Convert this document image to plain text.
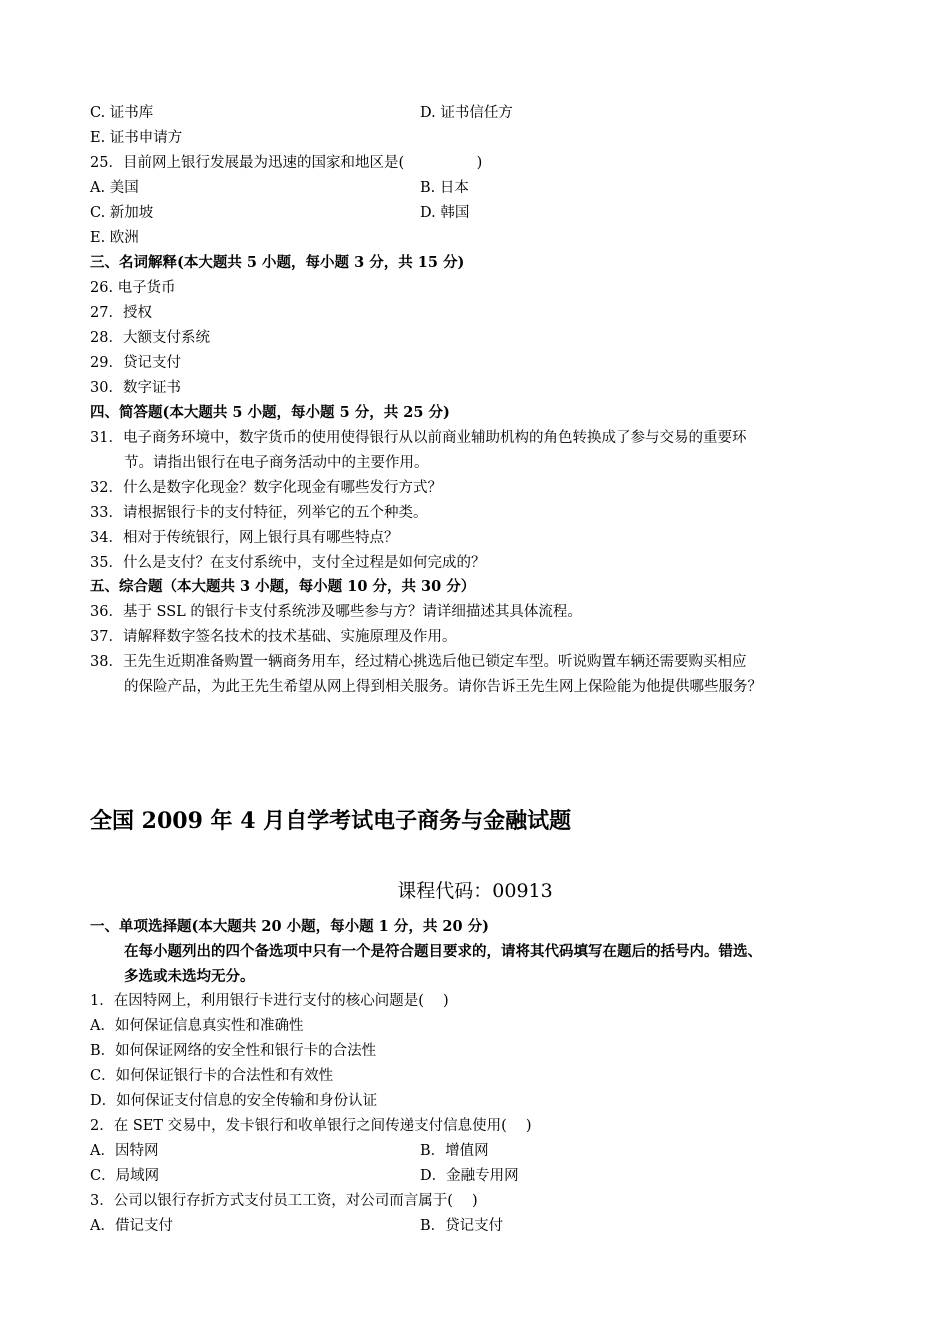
C. 证书库	D. 证书信任方
E. 证书申请方
25．目前网上银行发展最为迅速的国家和地区是(　　　　　)
A. 美国	B. 日本
C. 新加坡	D. 韩国
E. 欧洲
三、名词解释(本大题共 5 小题，每小题 3 分，共 15 分)
26. 电子货币
27．授权
28．大额支付系统
29．贷记支付
30．数字证书
四、简答题(本大题共 5 小题，每小题 5 分，共 25 分)
31．电子商务环境中，数字货币的使用使得银行从以前商业辅助机构的角色转换成了参与交易的重要环
节。请指出银行在电子商务活动中的主要作用。
32．什么是数字化现金？数字化现金有哪些发行方式？
33．请根据银行卡的支付特征，列举它的五个种类。
34．相对于传统银行，网上银行具有哪些特点？
35．什么是支付？在支付系统中，支付全过程是如何完成的？
五、综合题（本大题共 3 小题，每小题 10 分，共 30 分）
36．基于 SSL 的银行卡支付系统涉及哪些参与方？请详细描述其具体流程。
37．请解释数字签名技术的技术基础、实施原理及作用。
38．王先生近期准备购置一辆商务用车，经过精心挑选后他已锁定车型。听说购置车辆还需要购买相应
的保险产品，为此王先生希望从网上得到相关服务。请你告诉王先生网上保险能为他提供哪些服务？
全国 2009 年 4 月自学考试电子商务与金融试题
课程代码：00913
一、单项选择题(本大题共 20 小题，每小题 1 分，共 20 分)
在每小题列出的四个备选项中只有一个是符合题目要求的，请将其代码填写在题后的括号内。错选、
多选或未选均无分。
1．在因特网上，利用银行卡进行支付的核心问题是(　 )
A．如何保证信息真实性和准确性
B．如何保证网络的安全性和银行卡的合法性
C．如何保证银行卡的合法性和有效性
D．如何保证支付信息的安全传输和身份认证
2．在 SET 交易中，发卡银行和收单银行之间传递支付信息使用(　 )
A．因特网	B．增值网
C．局域网	D．金融专用网
3．公司以银行存折方式支付员工工资，对公司而言属于(　 )
A．借记支付	B．贷记支付
